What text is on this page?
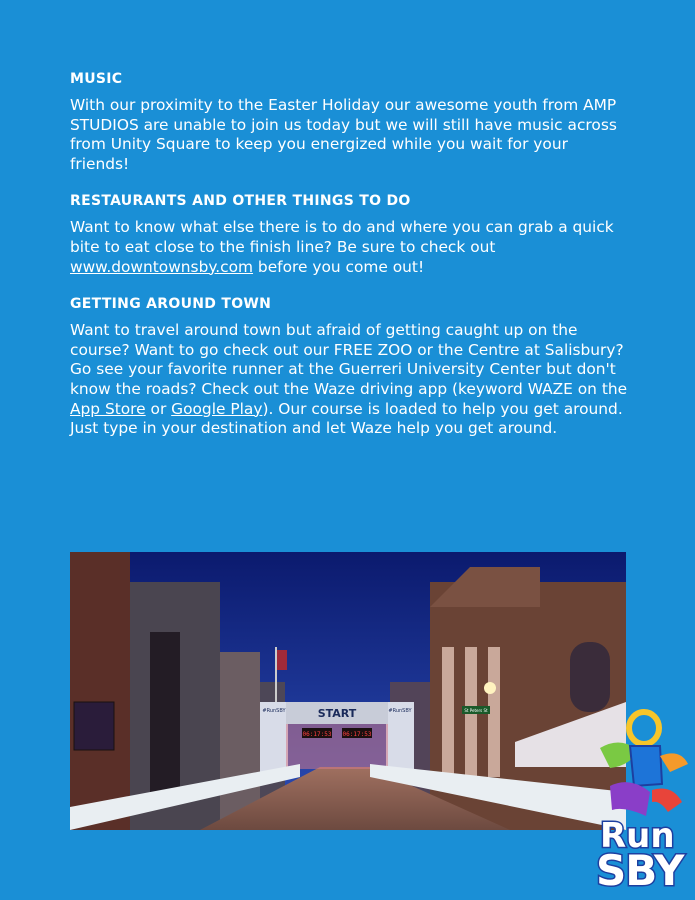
MUSIC

With our proximity to the Easter Holiday our awesome youth from AMP STUDIOS are unable to join us today but we will still have music across from Unity Square to keep you energized while you wait for your friends!

RESTAURANTS AND OTHER THINGS TO DO

Want to know what else there is to do and where you can grab a quick bite to eat close to the finish line? Be sure to check out www.downtownsby.com before you come out!

GETTING AROUND TOWN

Want to travel around town but afraid of getting caught up on the course? Want to go check out our FREE ZOO or the Centre at Salisbury? Go see your favorite runner at the Guerreri University Center but don't know the roads? Check out the Waze driving app (keyword WAZE on the App Store or Google Play). Our course is loaded to help you get around. Just type in your destination and let Waze help you get around.

START
06:17:53 06:17:53
#RunSBY	#RunSBY	St Peters St
Run
SBY
